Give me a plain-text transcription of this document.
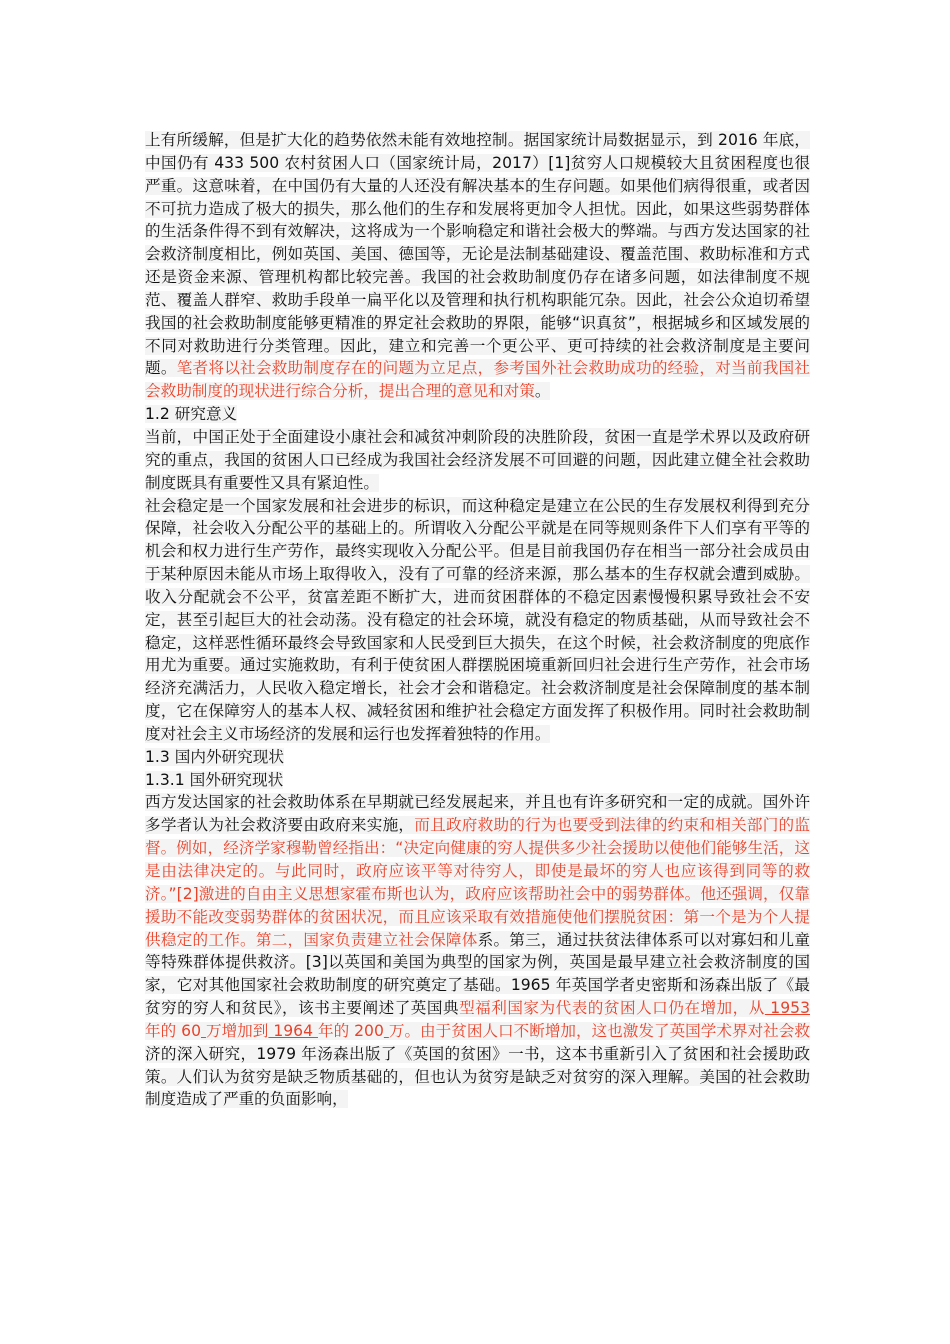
上有所缓解，但是扩大化的趋势依然未能有效地控制。据国家统计局数据显示，到 2016 年底，中国仍有 433 500 农村贫困人口（国家统计局，2017）[1]贫穷人口规模较大且贫困程度也很严重。这意味着，在中国仍有大量的人还没有解决基本的生存问题。如果他们病得很重，或者因不可抗力造成了极大的损失，那么他们的生存和发展将更加令人担忧。因此，如果这些弱势群体的生活条件得不到有效解决，这将成为一个影响稳定和谐社会极大的弊端。与西方发达国家的社会救济制度相比，例如英国、美国、德国等，无论是法制基础建设、覆盖范围、救助标准和方式还是资金来源、管理机构都比较完善。我国的社会救助制度仍存在诸多问题，如法律制度不规范、覆盖人群窄、救助手段单一扁平化以及管理和执行机构职能冗杂。因此，社会公众迫切希望我国的社会救助制度能够更精准的界定社会救助的界限，能够“识真贫”，根据城乡和区域发展的不同对救助进行分类管理。因此，建立和完善一个更公平、更可持续的社会救济制度是主要问题。笔者将以社会救助制度存在的问题为立足点，参考国外社会救助成功的经验，对当前我国社会救助制度的现状进行综合分析，提出合理的意见和对策。

1.2 研究意义

当前，中国正处于全面建设小康社会和减贫冲刺阶段的决胜阶段，贫困一直是学术界以及政府研究的重点，我国的贫困人口已经成为我国社会经济发展不可回避的问题，因此建立健全社会救助制度既具有重要性又具有紧迫性。

社会稳定是一个国家发展和社会进步的标识，而这种稳定是建立在公民的生存发展权利得到充分保障，社会收入分配公平的基础上的。所谓收入分配公平就是在同等规则条件下人们享有平等的机会和权力进行生产劳作，最终实现收入分配公平。但是目前我国仍存在相当一部分社会成员由于某种原因未能从市场上取得收入，没有了可靠的经济来源，那么基本的生存权就会遭到威胁。收入分配就会不公平，贫富差距不断扩大，进而贫困群体的不稳定因素慢慢积累导致社会不安定，甚至引起巨大的社会动荡。没有稳定的社会环境，就没有稳定的物质基础，从而导致社会不稳定，这样恶性循环最终会导致国家和人民受到巨大损失，在这个时候，社会救济制度的兜底作用尤为重要。通过实施救助，有利于使贫困人群摆脱困境重新回归社会进行生产劳作，社会市场经济充满活力，人民收入稳定增长，社会才会和谐稳定。社会救济制度是社会保障制度的基本制度，它在保障穷人的基本人权、减轻贫困和维护社会稳定方面发挥了积极作用。同时社会救助制度对社会主义市场经济的发展和运行也发挥着独特的作用。

1.3 国内外研究现状

1.3.1 国外研究现状

西方发达国家的社会救助体系在早期就已经发展起来，并且也有许多研究和一定的成就。国外许多学者认为社会救济要由政府来实施，而且政府救助的行为也要受到法律的约束和相关部门的监督。例如，经济学家穆勒曾经指出：“决定向健康的穷人提供多少社会援助以使他们能够生活，这是由法律决定的。与此同时，政府应该平等对待穷人，即使是最坏的穷人也应该得到同等的救济。”[2]激进的自由主义思想家霍布斯也认为，政府应该帮助社会中的弱势群体。他还强调，仅靠援助不能改变弱势群体的贫困状况，而且应该采取有效措施使他们摆脱贫困：第一个是为个人提供稳定的工作。第二，国家负责建立社会保障体系。第三，通过扶贫法律体系可以对寡妇和儿童等特殊群体提供救济。[3]以英国和美国为典型的国家为例，英国是最早建立社会救济制度的国家，它对其他国家社会救助制度的研究奠定了基础。1965 年英国学者史密斯和汤森出版了《最贫穷的穷人和贫民》，该书主要阐述了英国典型福利国家为代表的贫困人口仍在增加，从 1953 年的 60 万增加到 1964 年的 200 万。由于贫困人口不断增加，这也激发了英国学术界对社会救济的深入研究，1979 年汤森出版了《英国的贫困》一书，这本书重新引入了贫困和社会援助政策。人们认为贫穷是缺乏物质基础的，但也认为贫穷是缺乏对贫穷的深入理解。美国的社会救助制度造成了严重的负面影响，
